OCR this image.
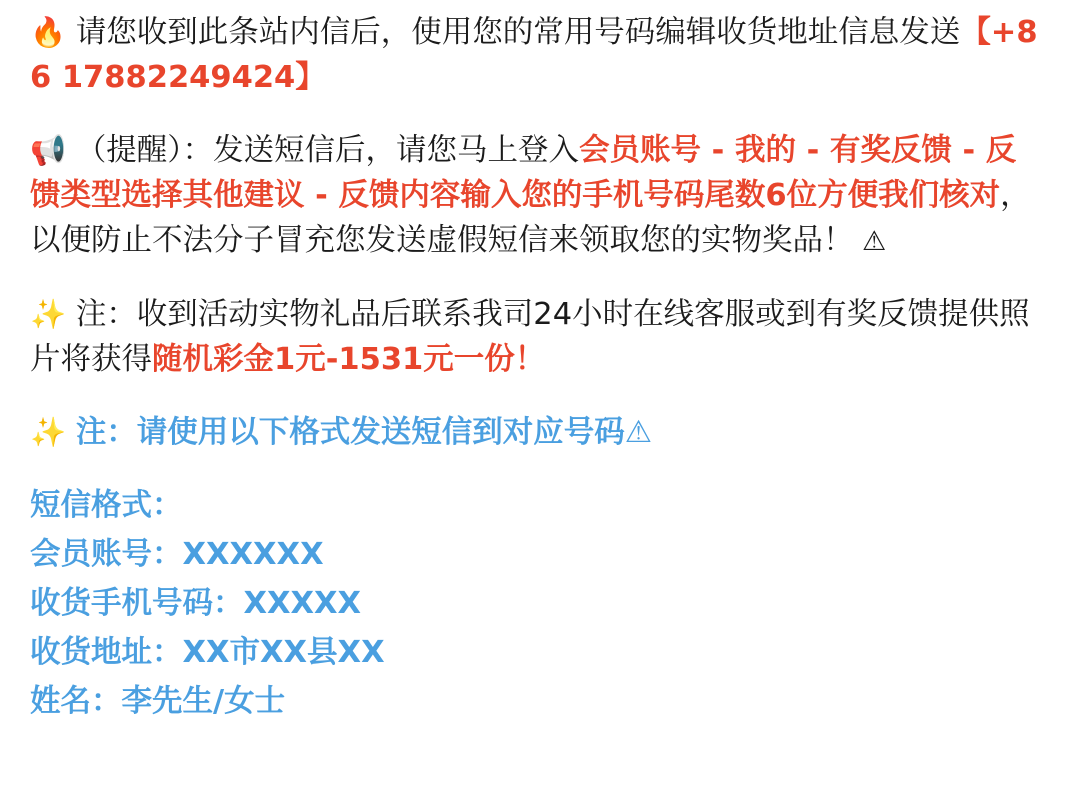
🔥 请您收到此条站内信后，使用您的常用号码编辑收货地址信息发送【+86 17882249424】

📢 （提醒）：发送短信后，请您马上登入会员账号 - 我的 - 有奖反馈 - 反馈类型选择其他建议 - 反馈内容输入您的手机号码尾数6位方便我们核对，以便防止不法分子冒充您发送虚假短信来领取您的实物奖品！ ⚠

✨ 注：收到活动实物礼品后联系我司24小时在线客服或到有奖反馈提供照片将获得随机彩金1元-1531元一份！

✨ 注：请使用以下格式发送短信到对应号码⚠

短信格式：
会员账号：XXXXXX
收货手机号码：XXXXX
收货地址：XX市XX县XX
姓名：李先生/女士
